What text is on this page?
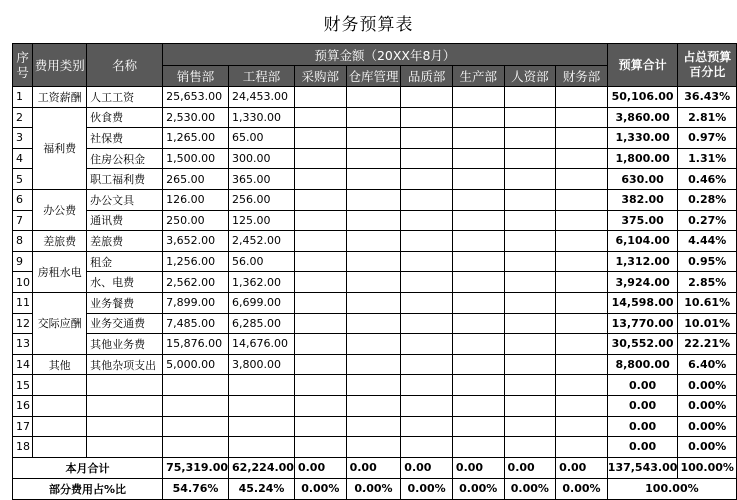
财务预算表
序号	费用类别	名称	预算金额（20XX年8月）								预算合计	占总预算百分比
			销售部	工程部	采购部	仓库管理	品质部	生产部	人资部	财务部		
1	工资薪酬	人工工资	25,653.00	24,453.00							50,106.00	36.43%
2	福利费	伙食费	2,530.00	1,330.00							3,860.00	2.81%
3		社保费	1,265.00	65.00							1,330.00	0.97%
4		住房公积金	1,500.00	300.00							1,800.00	1.31%
5		职工福利费	265.00	365.00							630.00	0.46%
6	办公费	办公文具	126.00	256.00							382.00	0.28%
7		通讯费	250.00	125.00							375.00	0.27%
8	差旅费	差旅费	3,652.00	2,452.00							6,104.00	4.44%
9	房租水电	租金	1,256.00	56.00							1,312.00	0.95%
10		水、电费	2,562.00	1,362.00							3,924.00	2.85%
11	交际应酬	业务餐费	7,899.00	6,699.00							14,598.00	10.61%
12		业务交通费	7,485.00	6,285.00							13,770.00	10.01%
13		其他业务费	15,876.00	14,676.00							30,552.00	22.21%
14	其他	其他杂项支出	5,000.00	3,800.00							8,800.00	6.40%
15											0.00	0.00%
16											0.00	0.00%
17											0.00	0.00%
18											0.00	0.00%
本月合计			75,319.00	62,224.00	0.00	0.00	0.00	0.00	0.00	0.00	137,543.00	100.00%
部分费用占%比			54.76%	45.24%	0.00%	0.00%	0.00%	0.00%	0.00%	0.00%	100.00%	
